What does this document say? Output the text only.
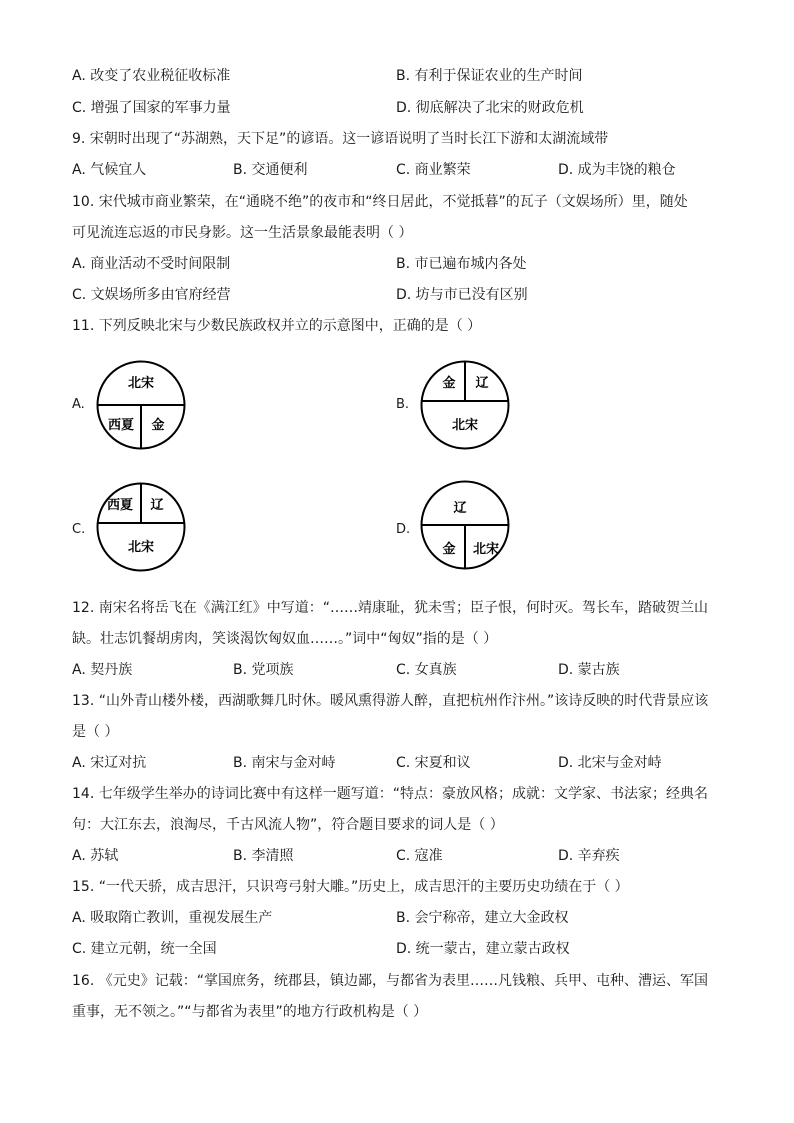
A. 改变了农业税征收标准	B. 有利于保证农业的生产时间
C. 增强了国家的军事力量	D. 彻底解决了北宋的财政危机
9. 宋朝时出现了“苏湖熟，天下足”的谚语。这一谚语说明了当时长江下游和太湖流域带
A. 气候宜人	B. 交通便利	C. 商业繁荣	D. 成为丰饶的粮仓
10. 宋代城市商业繁荣，在“通晓不绝”的夜市和“终日居此，不觉抵暮”的瓦子（文娱场所）里，随处
可见流连忘返的市民身影。这一生活景象最能表明（ ）
A. 商业活动不受时间限制	B. 市已遍布城内各处
C. 文娱场所多由官府经营	D. 坊与市已没有区别
11. 下列反映北宋与少数民族政权并立的示意图中，正确的是（ ）
A.
北宋
西夏 金
B.
金 辽
北宋
C.
西夏 辽
北宋
D.
辽
金 北宋
12. 南宋名将岳飞在《满江红》中写道：“……靖康耻，犹未雪；臣子恨，何时灭。驾长车，踏破贺兰山
缺。壮志饥餐胡虏肉，笑谈渴饮匈奴血……。”词中“匈奴”指的是（ ）
A. 契丹族	B. 党项族	C. 女真族	D. 蒙古族
13. “山外青山楼外楼，西湖歌舞几时休。暖风熏得游人醉，直把杭州作汴州。”该诗反映的时代背景应该
是（ ）
A. 宋辽对抗	B. 南宋与金对峙	C. 宋夏和议	D. 北宋与金对峙
14. 七年级学生举办的诗词比赛中有这样一题写道：“特点：豪放风格；成就：文学家、书法家；经典名
句：大江东去，浪淘尽，千古风流人物”，符合题目要求的词人是（ ）
A. 苏轼	B. 李清照	C. 寇准	D. 辛弃疾
15. “一代天骄，成吉思汗，只识弯弓射大雕。”历史上，成吉思汗的主要历史功绩在于（ ）
A. 吸取隋亡教训，重视发展生产	B. 会宁称帝，建立大金政权
C. 建立元朝，统一全国	D. 统一蒙古，建立蒙古政权
16. 《元史》记载：“掌国庶务，统郡县，镇边鄙，与都省为表里……凡钱粮、兵甲、屯种、漕运、军国
重事，无不领之。”“与都省为表里”的地方行政机构是（ ）
